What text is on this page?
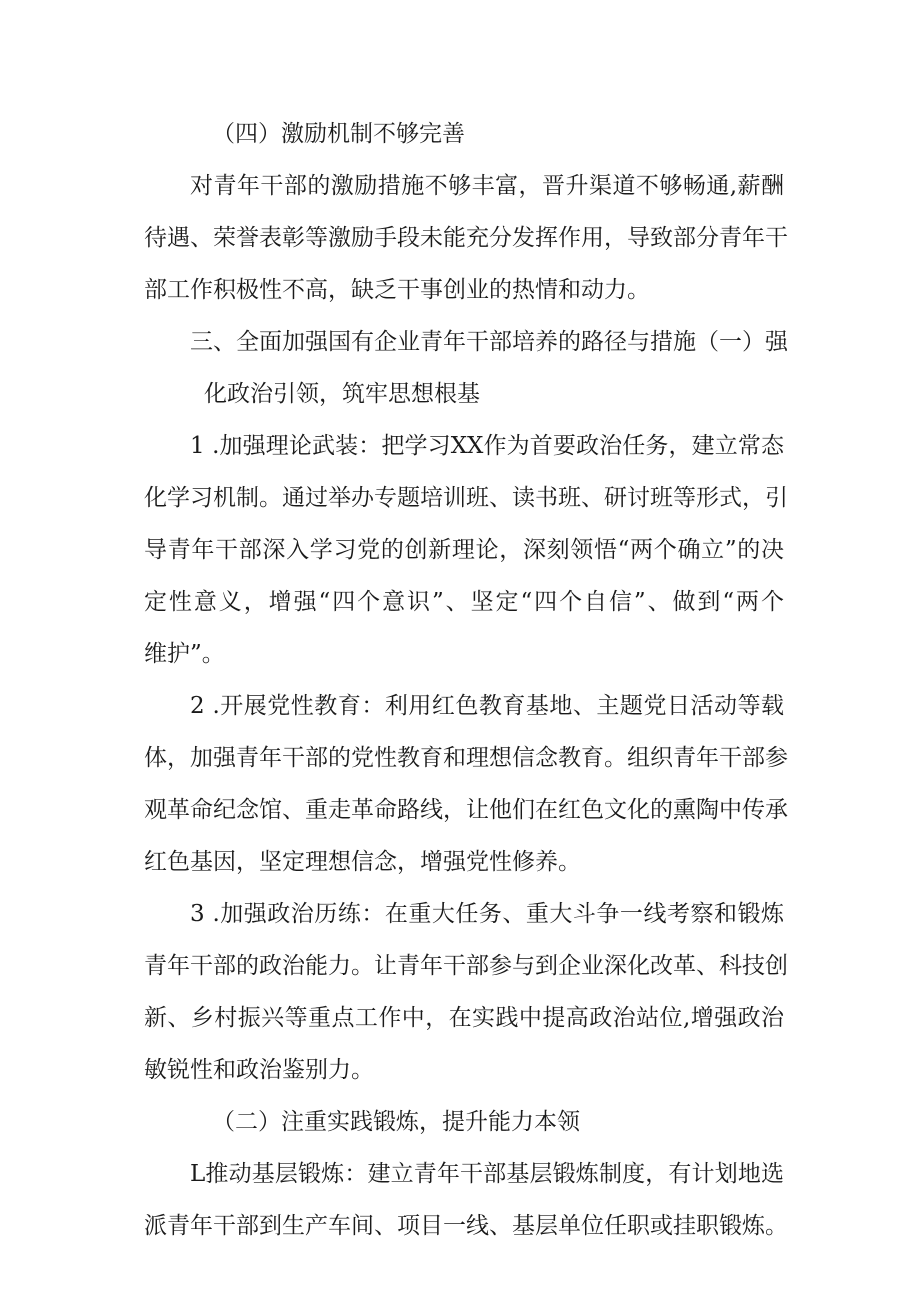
（四）激励机制不够完善
对青年干部的激励措施不够丰富，晋升渠道不够畅通,薪酬
待遇、荣誉表彰等激励手段未能充分发挥作用，导致部分青年干
部工作积极性不高，缺乏干事创业的热情和动力。
三、全面加强国有企业青年干部培养的路径与措施（一）强
化政治引领，筑牢思想根基
1 .加强理论武装：把学习XX作为首要政治任务，建立常态
化学习机制。通过举办专题培训班、读书班、研讨班等形式，引
导青年干部深入学习党的创新理论，深刻领悟“两个确立”的决
定性意义，增强“四个意识”、坚定“四个自信”、做到“两个
维护”。
2 .开展党性教育：利用红色教育基地、主题党日活动等载
体，加强青年干部的党性教育和理想信念教育。组织青年干部参
观革命纪念馆、重走革命路线，让他们在红色文化的熏陶中传承
红色基因，坚定理想信念，增强党性修养。
3 .加强政治历练：在重大任务、重大斗争一线考察和锻炼
青年干部的政治能力。让青年干部参与到企业深化改革、科技创
新、乡村振兴等重点工作中，在实践中提高政治站位,增强政治
敏锐性和政治鉴别力。
（二）注重实践锻炼，提升能力本领
L推动基层锻炼：建立青年干部基层锻炼制度，有计划地选
派青年干部到生产车间、项目一线、基层单位任职或挂职锻炼。
